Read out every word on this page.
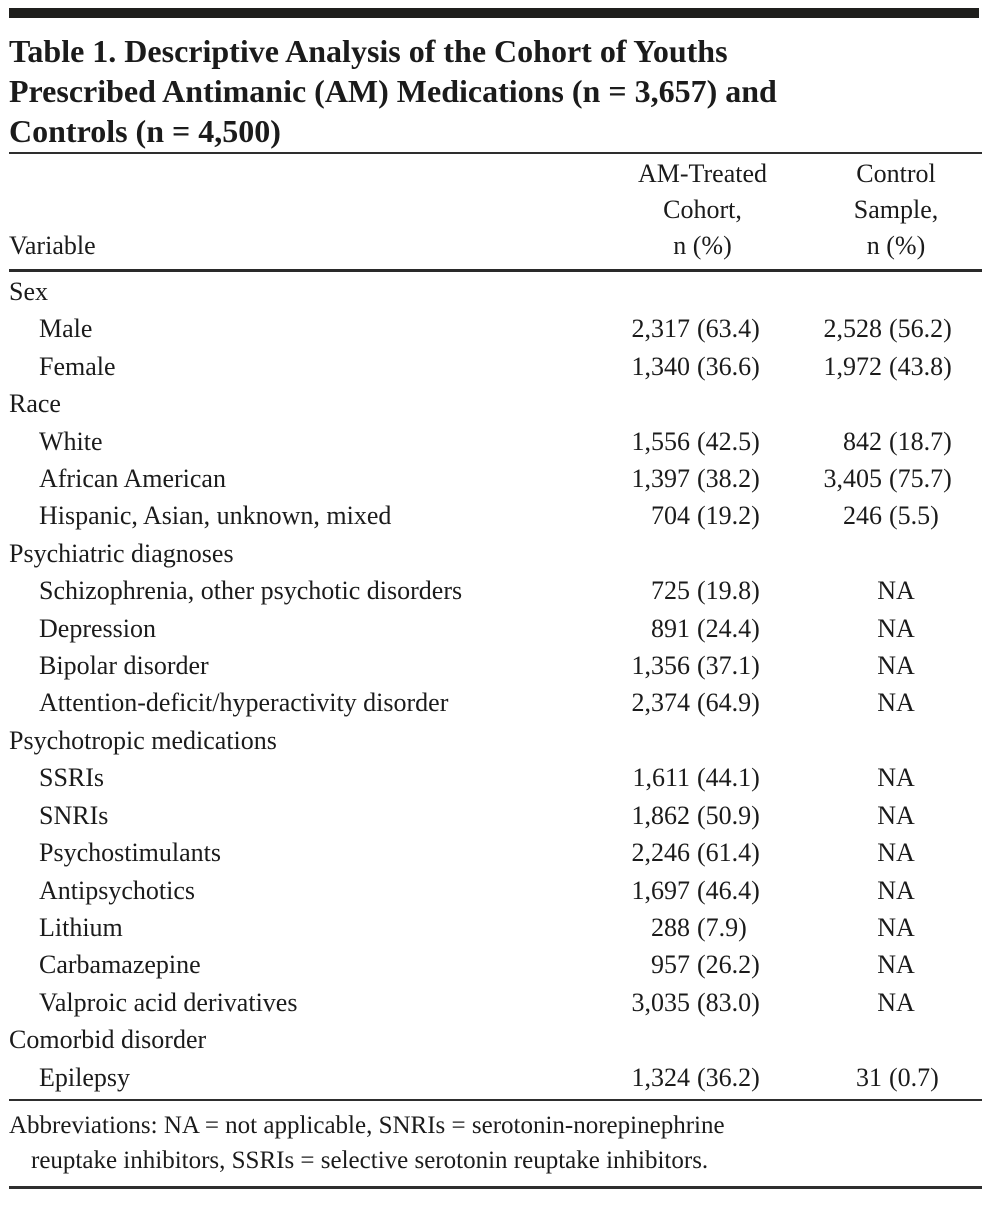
Table 1. Descriptive Analysis of the Cohort of Youths
Prescribed Antimanic (AM) Medications (n = 3,657) and
Controls (n = 4,500)
Variable
AM-Treated
Cohort,
n (%)
Control
Sample,
n (%)
Sex
Male	2,317 (63.4)	2,528 (56.2)
Female	1,340 (36.6)	1,972 (43.8)
Race
White	1,556 (42.5)	842 (18.7)
African American	1,397 (38.2)	3,405 (75.7)
Hispanic, Asian, unknown, mixed	704 (19.2)	246 (5.5)
Psychiatric diagnoses
Schizophrenia, other psychotic disorders	725 (19.8)	NA
Depression	891 (24.4)	NA
Bipolar disorder	1,356 (37.1)	NA
Attention-deficit/hyperactivity disorder	2,374 (64.9)	NA
Psychotropic medications
SSRIs	1,611 (44.1)	NA
SNRIs	1,862 (50.9)	NA
Psychostimulants	2,246 (61.4)	NA
Antipsychotics	1,697 (46.4)	NA
Lithium	288 (7.9)	NA
Carbamazepine	957 (26.2)	NA
Valproic acid derivatives	3,035 (83.0)	NA
Comorbid disorder
Epilepsy	1,324 (36.2)	31 (0.7)
Abbreviations: NA = not applicable, SNRIs = serotonin-norepinephrine
reuptake inhibitors, SSRIs = selective serotonin reuptake inhibitors.
